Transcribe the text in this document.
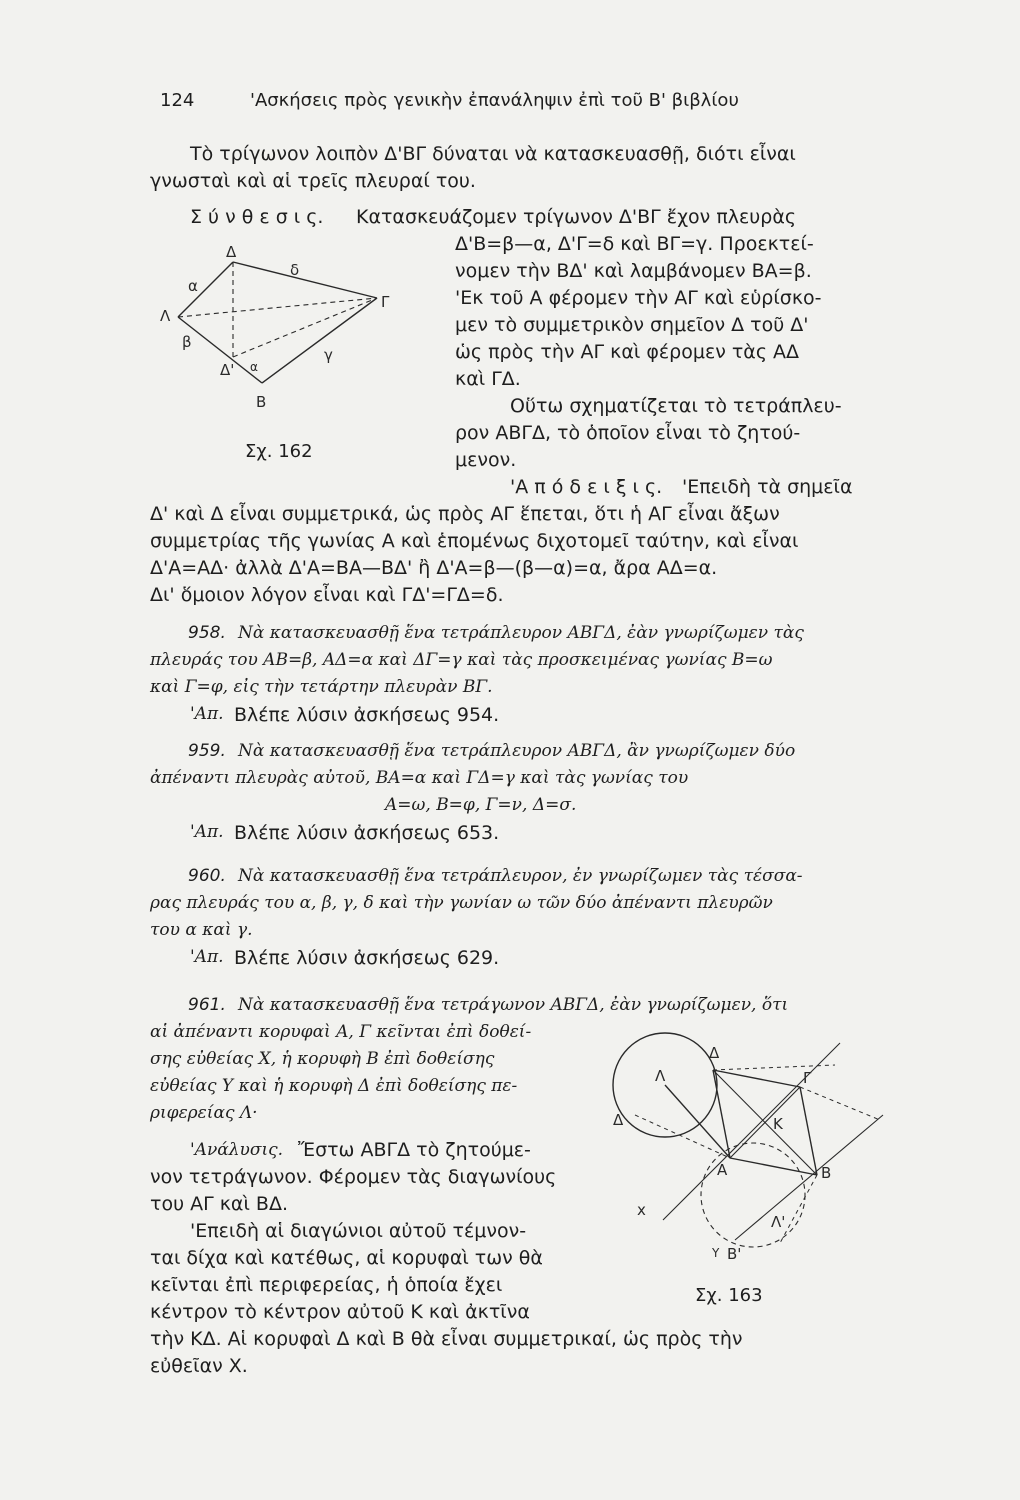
124	'Ασκήσεις πρὸς γενικὴν ἐπανάληψιν ἐπὶ τοῦ Β' βιβλίου
Τὸ τρίγωνον λοιπὸν Δ'ΒΓ δύναται νὰ κατασκευασθῇ, διότι εἶναι
γνωσταὶ καὶ αἱ τρεῖς πλευραί του.
Σ ύ ν θ ε σ ι ς. Κατασκευάζομεν τρίγωνον Δ'ΒΓ ἔχον πλευρὰς
Δ'Β=β—α, Δ'Γ=δ καὶ ΒΓ=γ. Προεκτεί-
νομεν τὴν ΒΔ' καὶ λαμβάνομεν ΒΑ=β.
'Εκ τοῦ Α φέρομεν τὴν ΑΓ καὶ εὑρίσκο-
μεν τὸ συμμετρικὸν σημεῖον Δ τοῦ Δ'
ὡς πρὸς τὴν ΑΓ καὶ φέρομεν τὰς ΑΔ
καὶ ΓΔ.
Οὕτω σχηματίζεται τὸ τετράπλευ-
ρον ΑΒΓΔ, τὸ ὁποῖον εἶναι τὸ ζητού-
μενον.
Δ
δ
α
Λ
Γ
β
γ
Δ' α
Β
Σχ. 162
'Α π ό δ ε ι ξ ι ς. 'Επειδὴ τὰ σημεῖα
Δ' καὶ Δ εἶναι συμμετρικά, ὡς πρὸς ΑΓ ἕπεται, ὅτι ἡ ΑΓ εἶναι ἄξων
συμμετρίας τῆς γωνίας Α καὶ ἑπομένως διχοτομεῖ ταύτην, καὶ εἶναι
Δ'Α=ΑΔ· ἀλλὰ Δ'Α=ΒΑ—ΒΔ' ἢ Δ'Α=β—(β—α)=α, ἄρα ΑΔ=α.
Δι' ὅμοιον λόγον εἶναι καὶ ΓΔ'=ΓΔ=δ.
958. Νὰ κατασκευασθῇ ἕνα τετράπλευρον ΑΒΓΔ, ἐὰν γνωρίζωμεν τὰς
πλευράς του ΑΒ=β, ΑΔ=α καὶ ΔΓ=γ καὶ τὰς προσκειμένας γωνίας Β=ω
καὶ Γ=φ, εἰς τὴν τετάρτην πλευρὰν ΒΓ.
'Απ. Βλέπε λύσιν ἀσκήσεως 954.
959. Νὰ κατασκευασθῇ ἕνα τετράπλευρον ΑΒΓΔ, ἂν γνωρίζωμεν δύο
ἀπέναντι πλευρὰς αὐτοῦ, ΒΑ=α καὶ ΓΔ=γ καὶ τὰς γωνίας του
Α=ω, Β=φ, Γ=ν, Δ=σ.
'Απ. Βλέπε λύσιν ἀσκήσεως 653.
960. Νὰ κατασκευασθῇ ἕνα τετράπλευρον, ἐν γνωρίζωμεν τὰς τέσσα-
ρας πλευράς του α, β, γ, δ καὶ τὴν γωνίαν ω τῶν δύο ἀπέναντι πλευρῶν
του α καὶ γ.
'Απ. Βλέπε λύσιν ἀσκήσεως 629.
961. Νὰ κατασκευασθῇ ἕνα τετράγωνον ΑΒΓΔ, ἐὰν γνωρίζωμεν, ὅτι
αἱ ἀπέναντι κορυφαὶ Α, Γ κεῖνται ἐπὶ δοθεί-
σης εὐθείας Χ, ἡ κορυφὴ Β ἐπὶ δοθείσης
εὐθείας Υ καὶ ἡ κορυφὴ Δ ἐπὶ δοθείσης πε-
ριφερείας Λ·
'Ανάλυσις. Ἔστω ΑΒΓΔ τὸ ζητούμε-
νον τετράγωνον. Φέρομεν τὰς διαγωνίους
του ΑΓ καὶ ΒΔ.
'Επειδὴ αἱ διαγώνιοι αὐτοῦ τέμνον-
ται δίχα καὶ κατέθως, αἱ κορυφαὶ των θὰ
κεῖνται ἐπὶ περιφερείας, ἡ ὁποία ἔχει
κέντρον τὸ κέντρον αὐτοῦ Κ καὶ ἀκτῖνα
τὴν ΚΔ. Αἱ κορυφαὶ Δ καὶ Β θὰ εἶναι συμμετρικαί, ὡς πρὸς τὴν
εὐθεῖαν Χ.
Δ
Γ
Λ
Δ	Κ
Α	Β
x
Λ'
Υ Β'
Σχ. 163
